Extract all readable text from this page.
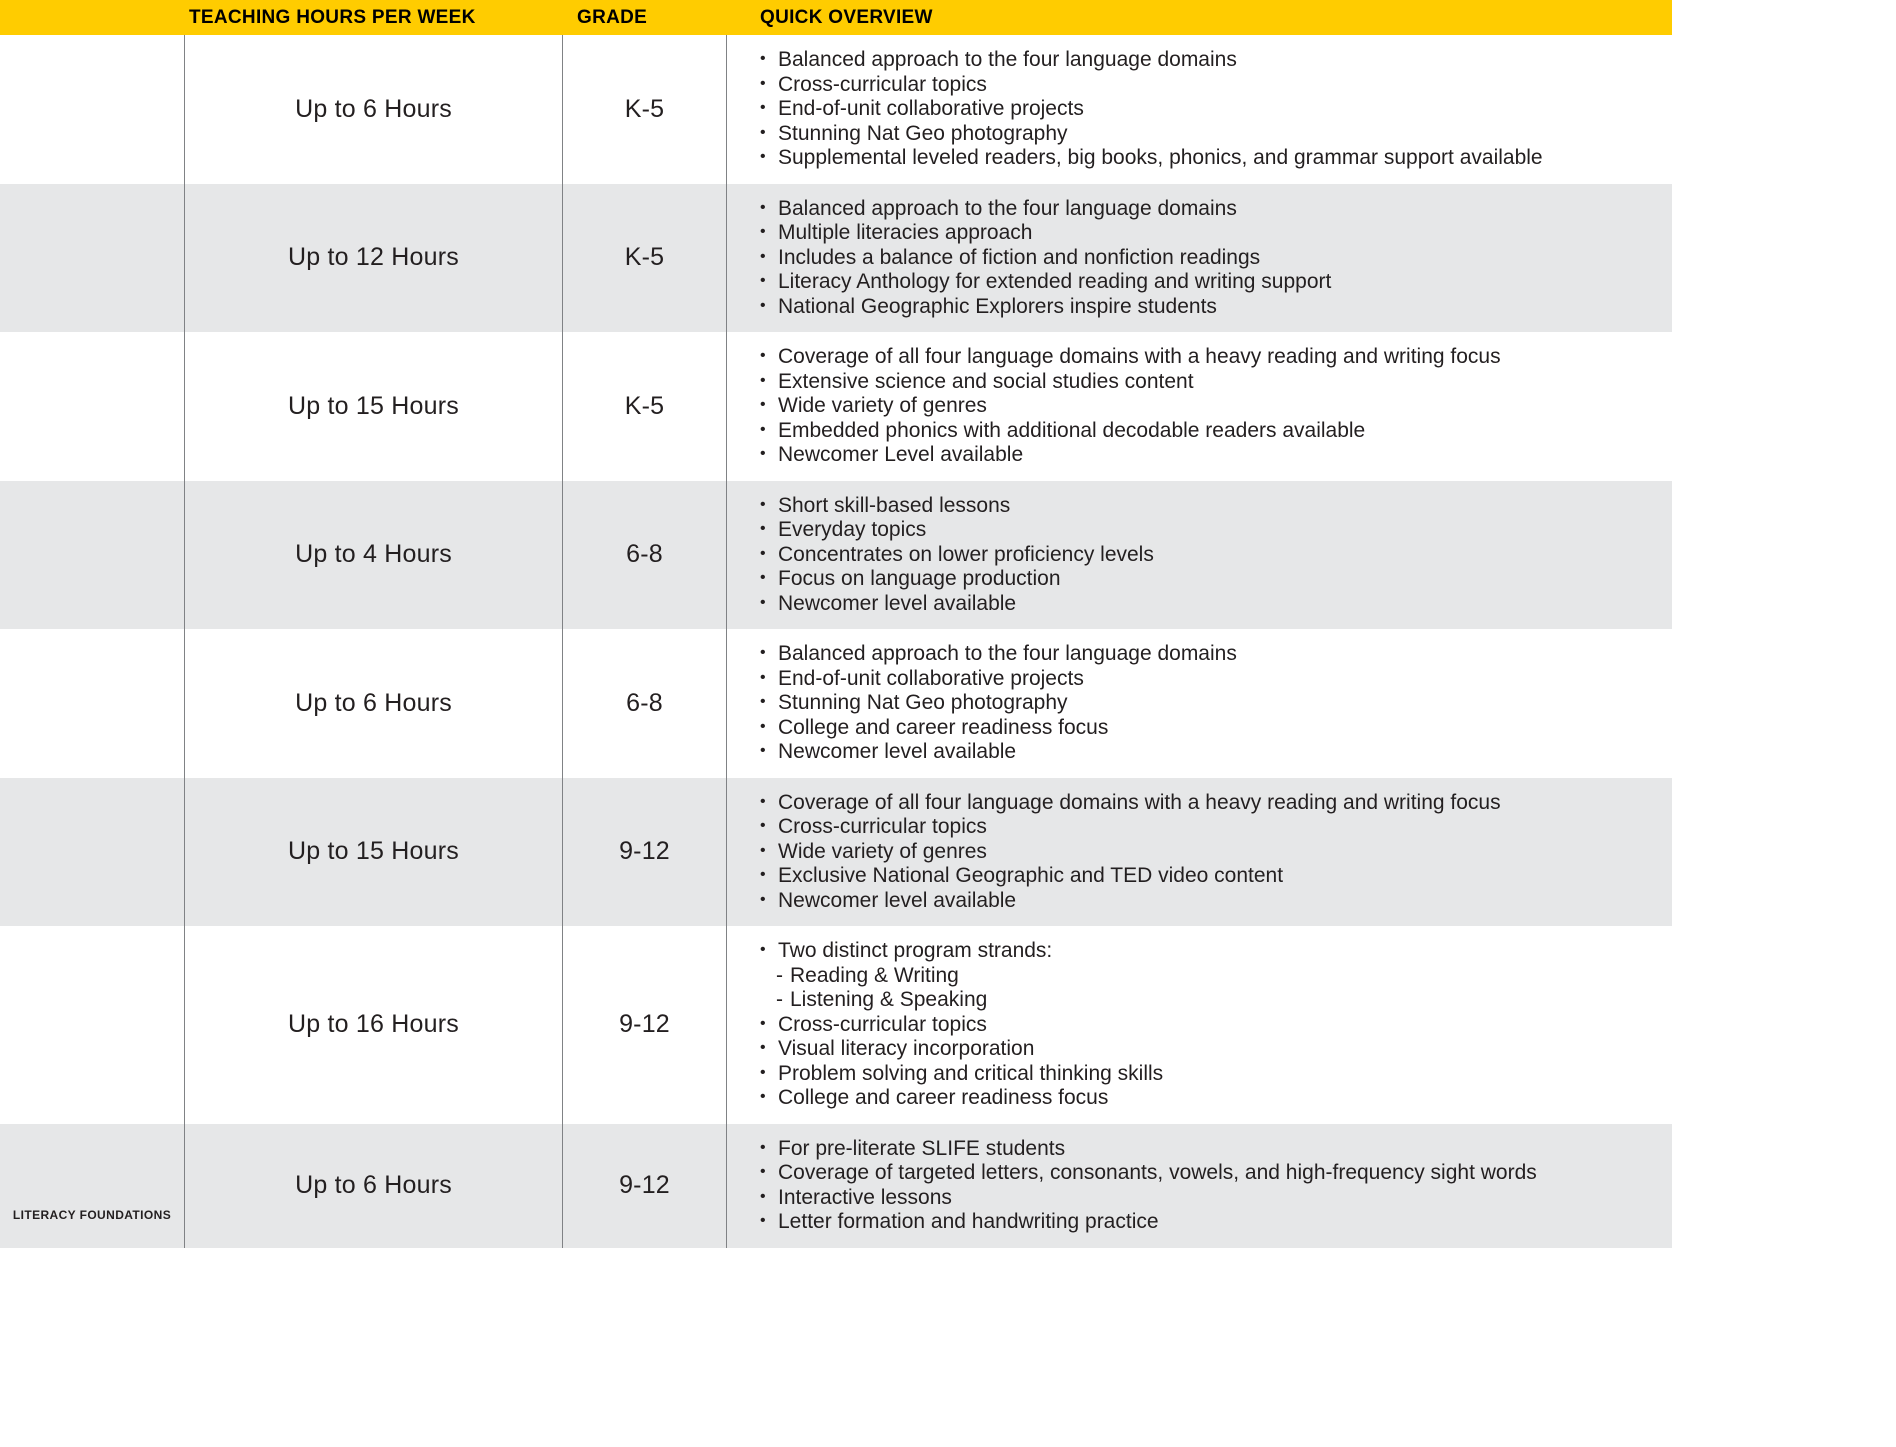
TEACHING HOURS PER WEEK	GRADE	QUICK OVERVIEW
Up to 6 Hours	K-5
• Balanced approach to the four language domains
• Cross-curricular topics
• End-of-unit collaborative projects
• Stunning Nat Geo photography
• Supplemental leveled readers, big books, phonics, and grammar support available
Up to 12 Hours	K-5
• Balanced approach to the four language domains
• Multiple literacies approach
• Includes a balance of fiction and nonfiction readings
• Literacy Anthology for extended reading and writing support
• National Geographic Explorers inspire students
Up to 15 Hours	K-5
• Coverage of all four language domains with a heavy reading and writing focus
• Extensive science and social studies content
• Wide variety of genres
• Embedded phonics with additional decodable readers available
• Newcomer Level available
Up to 4 Hours	6-8
• Short skill-based lessons
• Everyday topics
• Concentrates on lower proficiency levels
• Focus on language production
• Newcomer level available
Up to 6 Hours	6-8
• Balanced approach to the four language domains
• End-of-unit collaborative projects
• Stunning Nat Geo photography
• College and career readiness focus
• Newcomer level available
Up to 15 Hours	9-12
• Coverage of all four language domains with a heavy reading and writing focus
• Cross-curricular topics
• Wide variety of genres
• Exclusive National Geographic and TED video content
• Newcomer level available
Up to 16 Hours	9-12
• Two distinct program strands:
- Reading & Writing
- Listening & Speaking
• Cross-curricular topics
• Visual literacy incorporation
• Problem solving and critical thinking skills
• College and career readiness focus
LITERACY FOUNDATIONS
Up to 6 Hours	9-12
• For pre-literate SLIFE students
• Coverage of targeted letters, consonants, vowels, and high-frequency sight words
• Interactive lessons
• Letter formation and handwriting practice
